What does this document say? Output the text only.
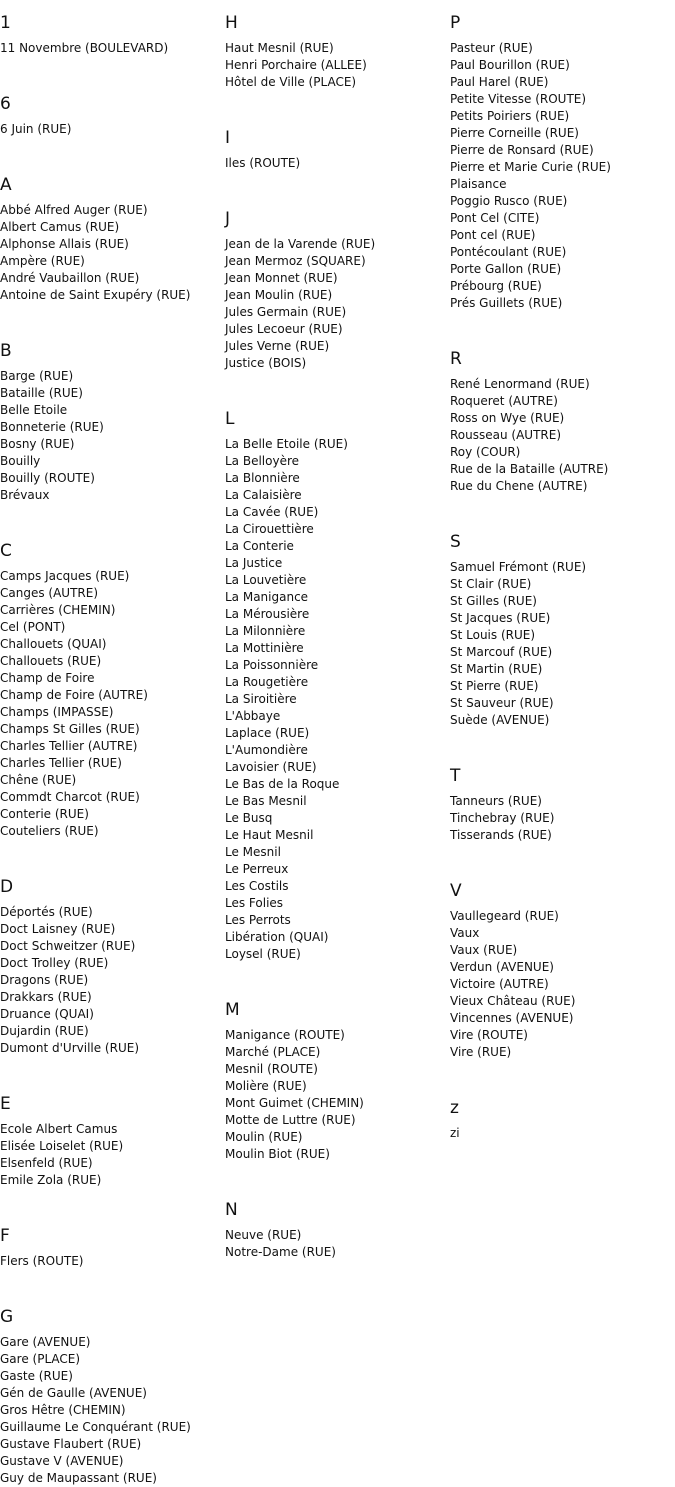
1
11 Novembre (BOULEVARD)
6
6 Juin (RUE)
A
Abbé Alfred Auger (RUE)
Albert Camus (RUE)
Alphonse Allais (RUE)
Ampère (RUE)
André Vaubaillon (RUE)
Antoine de Saint Exupéry (RUE)
B
Barge (RUE)
Bataille (RUE)
Belle Etoile
Bonneterie (RUE)
Bosny (RUE)
Bouilly
Bouilly (ROUTE)
Brévaux
C
Camps Jacques (RUE)
Canges (AUTRE)
Carrières (CHEMIN)
Cel (PONT)
Challouets (QUAI)
Challouets (RUE)
Champ de Foire
Champ de Foire (AUTRE)
Champs (IMPASSE)
Champs St Gilles (RUE)
Charles Tellier (AUTRE)
Charles Tellier (RUE)
Chêne (RUE)
Commdt Charcot (RUE)
Conterie (RUE)
Couteliers (RUE)
D
Déportés (RUE)
Doct Laisney (RUE)
Doct Schweitzer (RUE)
Doct Trolley (RUE)
Dragons (RUE)
Drakkars (RUE)
Druance (QUAI)
Dujardin (RUE)
Dumont d'Urville (RUE)
E
Ecole Albert Camus
Elisée Loiselet (RUE)
Elsenfeld (RUE)
Emile Zola (RUE)
F
Flers (ROUTE)
G
Gare (AVENUE)
Gare (PLACE)
Gaste (RUE)
Gén de Gaulle (AVENUE)
Gros Hêtre (CHEMIN)
Guillaume Le Conquérant (RUE)
Gustave Flaubert (RUE)
Gustave V (AVENUE)
Guy de Maupassant (RUE)
H
Haut Mesnil (RUE)
Henri Porchaire (ALLEE)
Hôtel de Ville (PLACE)
I
Iles (ROUTE)
J
Jean de la Varende (RUE)
Jean Mermoz (SQUARE)
Jean Monnet (RUE)
Jean Moulin (RUE)
Jules Germain (RUE)
Jules Lecoeur (RUE)
Jules Verne (RUE)
Justice (BOIS)
L
La Belle Etoile (RUE)
La Belloyère
La Blonnière
La Calaisière
La Cavée (RUE)
La Cirouettière
La Conterie
La Justice
La Louvetière
La Manigance
La Mérousière
La Milonnière
La Mottinière
La Poissonnière
La Rougetière
La Siroitière
L'Abbaye
Laplace (RUE)
L'Aumondière
Lavoisier (RUE)
Le Bas de la Roque
Le Bas Mesnil
Le Busq
Le Haut Mesnil
Le Mesnil
Le Perreux
Les Costils
Les Folies
Les Perrots
Libération (QUAI)
Loysel (RUE)
M
Manigance (ROUTE)
Marché (PLACE)
Mesnil (ROUTE)
Molière (RUE)
Mont Guimet (CHEMIN)
Motte de Luttre (RUE)
Moulin (RUE)
Moulin Biot (RUE)
N
Neuve (RUE)
Notre-Dame (RUE)
P
Pasteur (RUE)
Paul Bourillon (RUE)
Paul Harel (RUE)
Petite Vitesse (ROUTE)
Petits Poiriers (RUE)
Pierre Corneille (RUE)
Pierre de Ronsard (RUE)
Pierre et Marie Curie (RUE)
Plaisance
Poggio Rusco (RUE)
Pont Cel (CITE)
Pont cel (RUE)
Pontécoulant (RUE)
Porte Gallon (RUE)
Prébourg (RUE)
Prés Guillets (RUE)
R
René Lenormand (RUE)
Roqueret (AUTRE)
Ross on Wye (RUE)
Rousseau (AUTRE)
Roy (COUR)
Rue de la Bataille (AUTRE)
Rue du Chene (AUTRE)
S
Samuel Frémont (RUE)
St Clair (RUE)
St Gilles (RUE)
St Jacques (RUE)
St Louis (RUE)
St Marcouf (RUE)
St Martin (RUE)
St Pierre (RUE)
St Sauveur (RUE)
Suède (AVENUE)
T
Tanneurs (RUE)
Tinchebray (RUE)
Tisserands (RUE)
V
Vaullegeard (RUE)
Vaux
Vaux (RUE)
Verdun (AVENUE)
Victoire (AUTRE)
Vieux Château (RUE)
Vincennes (AVENUE)
Vire (ROUTE)
Vire (RUE)
z
zi
